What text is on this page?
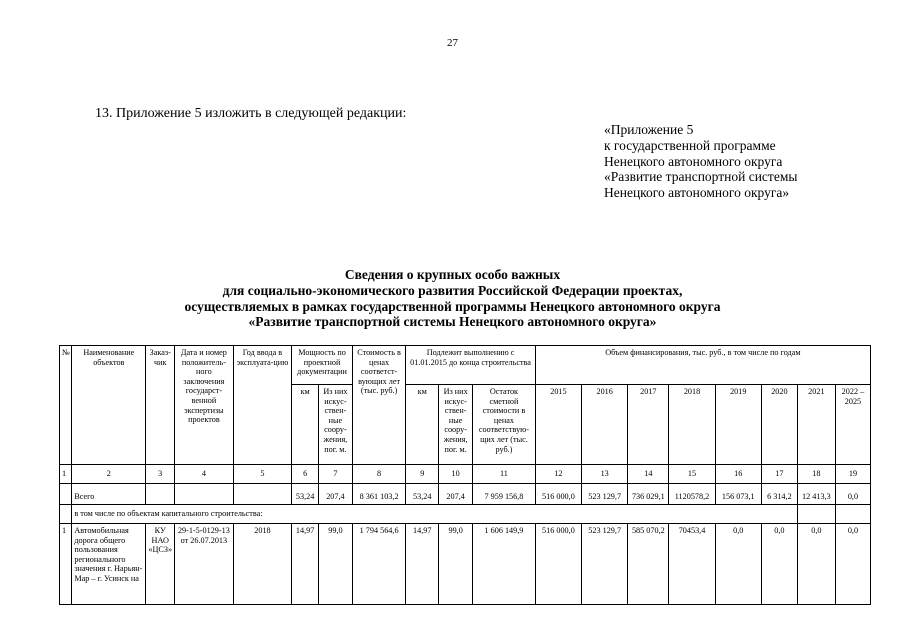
27
13. Приложение 5 изложить в следующей редакции:
«Приложение 5
к государственной программе
Ненецкого автономного округа
«Развитие транспортной системы
Ненецкого автономного округа»
Сведения о крупных особо важных
для социально-экономического развития Российской Федерации проектах,
осуществляемых в рамках государственной программы Ненецкого автономного округа
«Развитие транспортной системы Ненецкого автономного округа»
№	Наименование объектов	Заказ-чик	Дата и номер положитель-ного заключения государст-венной экспертизы проектов	Год ввода в эксплуата-цию	Мощность по проектной документации		Стоимость в ценах соответст-вующих лет (тыс. руб.)	Подлежит выполнению с 01.01.2015 до конца строительства			Объем финансирования, тыс. руб., в том числе по годам							
					км	Из них искус-ствен-ные соору-жения, пог. м.		км	Из них искус-ствен-ные соору-жения, пог. м.	Остаток сметной стоимости в ценах соответствую-щих лет (тыс. руб.)	2015	2016	2017	2018	2019	2020	2021	2022 – 2025
1	2	3	4	5	6	7	8	9	10	11	12	13	14	15	16	17	18	19
	Всего				53,24	207,4	8 361 103,2	53,24	207,4	7 959 156,8	516 000,0	523 129,7	736 029,1	1120578,2	156 073,1	6 314,2	12 413,3	0,0
	в том числе по объектам капитального строительства:																	
1	Автомобильная дорога общего пользования регионального значения г. Нарьян-Мар – г. Усинск на	КУ НАО «ЦСЗ»	29-1-5-0129-13 от 26.07.2013	2018	14,97	99,0	1 794 564,6	14,97	99,0	1 606 149,9	516 000,0	523 129,7	585 070,2	70453,4	0,0	0,0	0,0	0,0
